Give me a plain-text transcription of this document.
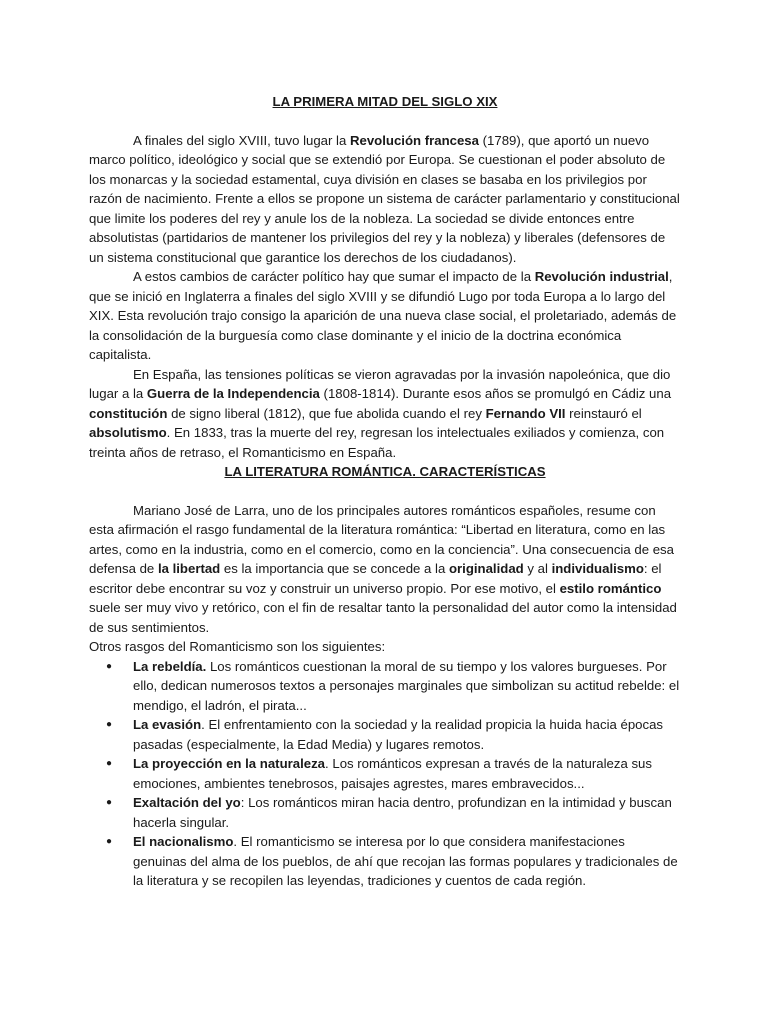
LA PRIMERA MITAD DEL SIGLO XIX

A finales del siglo XVIII, tuvo lugar la Revolución francesa (1789), que aportó un nuevo marco político, ideológico y social que se extendió por Europa. Se cuestionan el poder absoluto de los monarcas y la sociedad estamental, cuya división en clases se basaba en los privilegios por razón de nacimiento. Frente a ellos se propone un sistema de carácter parlamentario y constitucional que limite los poderes del rey y anule los de la nobleza. La sociedad se divide entonces entre absolutistas (partidarios de mantener los privilegios del rey y la nobleza) y liberales (defensores de un sistema constitucional que garantice los derechos de los ciudadanos).

A estos cambios de carácter político hay que sumar el impacto de la Revolución industrial, que se inició en Inglaterra a finales del siglo XVIII y se difundió Lugo por toda Europa a lo largo del XIX. Esta revolución trajo consigo la aparición de una nueva clase social, el proletariado, además de la consolidación de la burguesía como clase dominante y el inicio de la doctrina económica capitalista.

En España, las tensiones políticas se vieron agravadas por la invasión napoleónica, que dio lugar a la Guerra de la Independencia (1808-1814). Durante esos años se promulgó en Cádiz una constitución de signo liberal (1812), que fue abolida cuando el rey Fernando VII reinstauró el absolutismo. En 1833, tras la muerte del rey, regresan los intelectuales exiliados y comienza, con treinta años de retraso, el Romanticismo en España.

LA LITERATURA ROMÁNTICA. CARACTERÍSTICAS

Mariano José de Larra, uno de los principales autores románticos españoles, resume con esta afirmación el rasgo fundamental de la literatura romántica: “Libertad en literatura, como en las artes, como en la industria, como en el comercio, como en la conciencia”. Una consecuencia de esa defensa de la libertad es la importancia que se concede a la originalidad y al individualismo: el escritor debe encontrar su voz y construir un universo propio. Por ese motivo, el estilo romántico suele ser muy vivo y retórico, con el fin de resaltar tanto la personalidad del autor como la intensidad de sus sentimientos.

Otros rasgos del Romanticismo son los siguientes:

● La rebeldía. Los románticos cuestionan la moral de su tiempo y los valores burgueses. Por ello, dedican numerosos textos a personajes marginales que simbolizan su actitud rebelde: el mendigo, el ladrón, el pirata...
● La evasión. El enfrentamiento con la sociedad y la realidad propicia la huida hacia épocas pasadas (especialmente, la Edad Media) y lugares remotos.
● La proyección en la naturaleza. Los románticos expresan a través de la naturaleza sus emociones, ambientes tenebrosos, paisajes agrestes, mares embravecidos...
● Exaltación del yo: Los románticos miran hacia dentro, profundizan en la intimidad y buscan hacerla singular.
● El nacionalismo. El romanticismo se interesa por lo que considera manifestaciones genuinas del alma de los pueblos, de ahí que recojan las formas populares y tradicionales de la literatura y se recopilen las leyendas, tradiciones y cuentos de cada región.
